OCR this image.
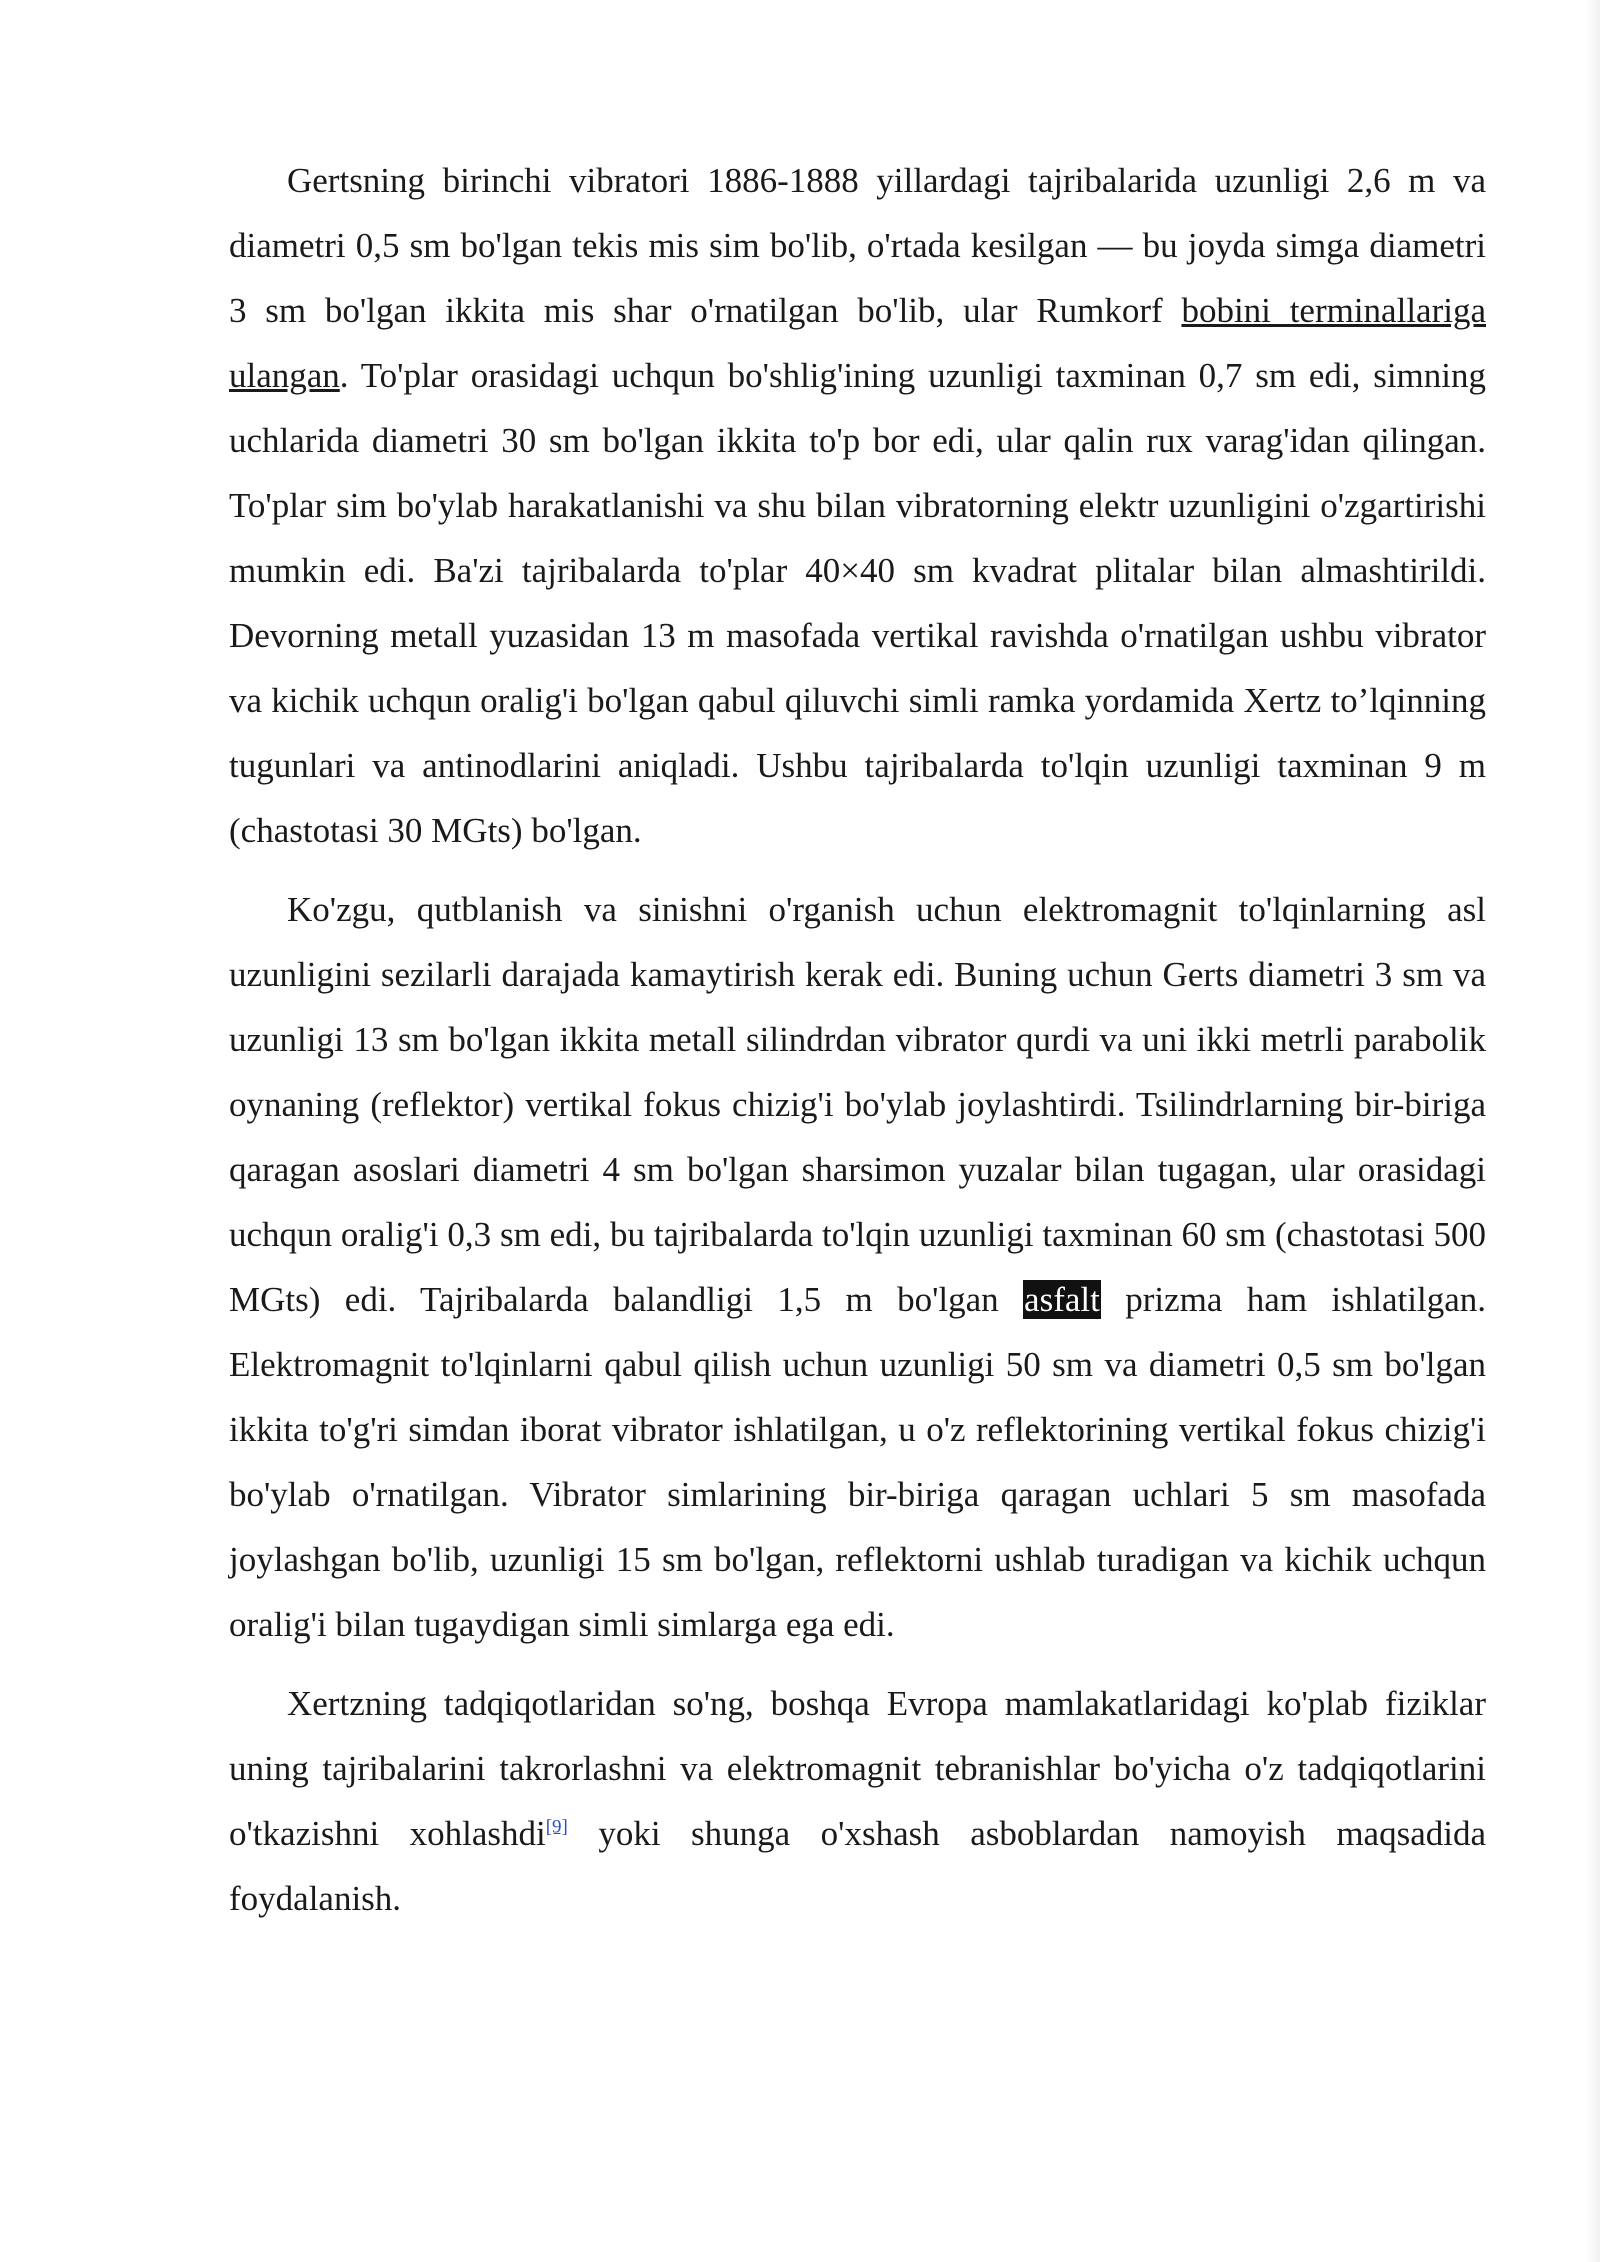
Gertsning birinchi vibratori 1886-1888 yillardagi tajribalarida uzunligi 2,6 m va diametri 0,5 sm bo'lgan tekis mis sim bo'lib, o'rtada kesilgan — bu joyda simga diametri 3 sm bo'lgan ikkita mis shar o'rnatilgan bo'lib, ular Rumkorf bobini terminallariga ulangan. To'plar orasidagi uchqun bo'shlig'ining uzunligi taxminan 0,7 sm edi, simning uchlarida diametri 30 sm bo'lgan ikkita to'p bor edi, ular qalin rux varag'idan qilingan. To'plar sim bo'ylab harakatlanishi va shu bilan vibratorning elektr uzunligini o'zgartirishi mumkin edi. Ba'zi tajribalarda to'plar 40×40 sm kvadrat plitalar bilan almashtirildi. Devorning metall yuzasidan 13 m masofada vertikal ravishda o'rnatilgan ushbu vibrator va kichik uchqun oralig'i bo'lgan qabul qiluvchi simli ramka yordamida Xertz to’lqinning tugunlari va antinodlarini aniqladi. Ushbu tajribalarda to'lqin uzunligi taxminan 9 m (chastotasi 30 MGts) bo'lgan.

Ko'zgu, qutblanish va sinishni o'rganish uchun elektromagnit to'lqinlarning asl uzunligini sezilarli darajada kamaytirish kerak edi. Buning uchun Gerts diametri 3 sm va uzunligi 13 sm bo'lgan ikkita metall silindrdan vibrator qurdi va uni ikki metrli parabolik oynaning (reflektor) vertikal fokus chizig'i bo'ylab joylashtirdi. Tsilindrlarning bir-biriga qaragan asoslari diametri 4 sm bo'lgan sharsimon yuzalar bilan tugagan, ular orasidagi uchqun oralig'i 0,3 sm edi, bu tajribalarda to'lqin uzunligi taxminan 60 sm (chastotasi 500 MGts) edi. Tajribalarda balandligi 1,5 m bo'lgan asfalt prizma ham ishlatilgan. Elektromagnit to'lqinlarni qabul qilish uchun uzunligi 50 sm va diametri 0,5 sm bo'lgan ikkita to'g'ri simdan iborat vibrator ishlatilgan, u o'z reflektorining vertikal fokus chizig'i bo'ylab o'rnatilgan. Vibrator simlarining bir-biriga qaragan uchlari 5 sm masofada joylashgan bo'lib, uzunligi 15 sm bo'lgan, reflektorni ushlab turadigan va kichik uchqun oralig'i bilan tugaydigan simli simlarga ega edi.

Xertzning tadqiqotlaridan so'ng, boshqa Evropa mamlakatlaridagi ko'plab fiziklar uning tajribalarini takrorlashni va elektromagnit tebranishlar bo'yicha o'z tadqiqotlarini o'tkazishni xohlashdi[9] yoki shunga o'xshash asboblardan namoyish maqsadida foydalanish.
